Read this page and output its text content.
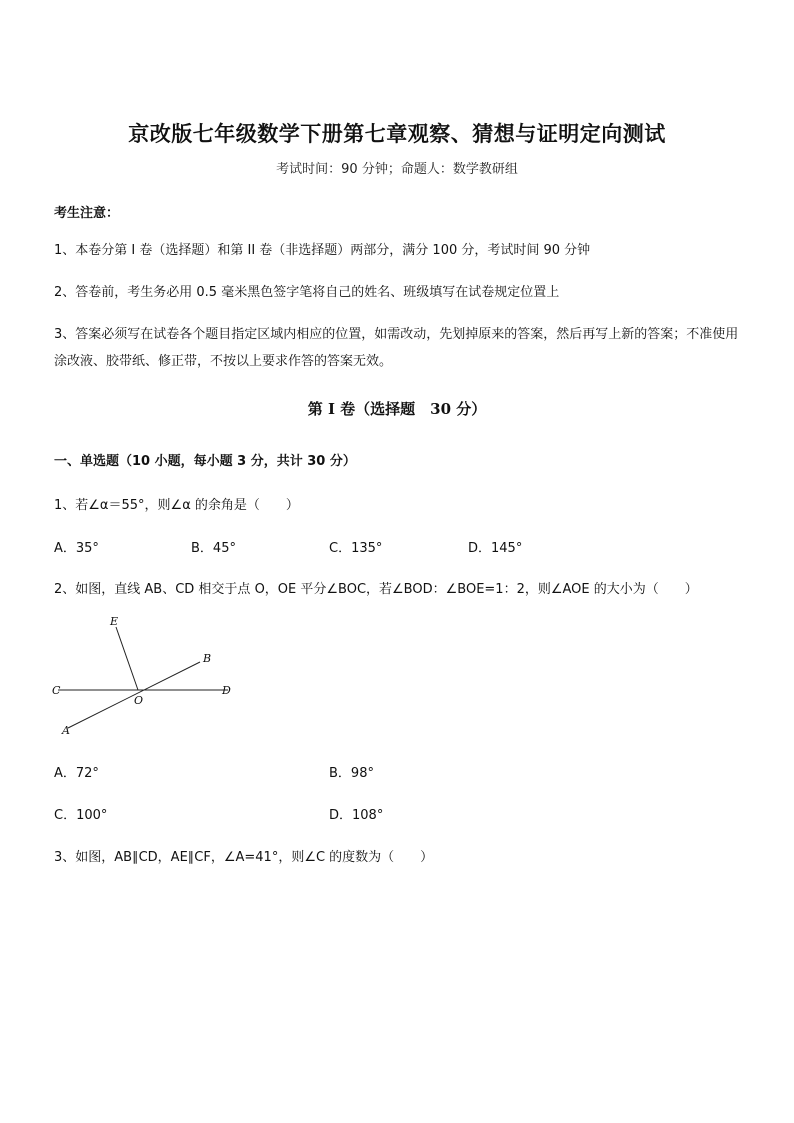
京改版七年级数学下册第七章观察、猜想与证明定向测试
考试时间：90 分钟；命题人：数学教研组
考生注意：
1、本卷分第 I 卷（选择题）和第 II 卷（非选择题）两部分，满分 100 分，考试时间 90 分钟
2、答卷前，考生务必用 0.5 毫米黑色签字笔将自己的姓名、班级填写在试卷规定位置上
3、答案必须写在试卷各个题目指定区域内相应的位置，如需改动，先划掉原来的答案，然后再写上新的答案；不准使用涂改液、胶带纸、修正带，不按以上要求作答的答案无效。
第 I 卷（选择题　30 分）
一、单选题（10 小题，每小题 3 分，共计 30 分）
1、若∠α＝55°，则∠α 的余角是（　　）
A．35°	B．45°	C．135°	D．145°
2、如图，直线 AB、CD 相交于点 O，OE 平分∠BOC，若∠BOD：∠BOE=1：2，则∠AOE 的大小为（　　）
E
B
C
O
D
A
A．72°	B．98°
C．100°	D．108°
3、如图，AB∥CD，AE∥CF，∠A=41°，则∠C 的度数为（　　）
